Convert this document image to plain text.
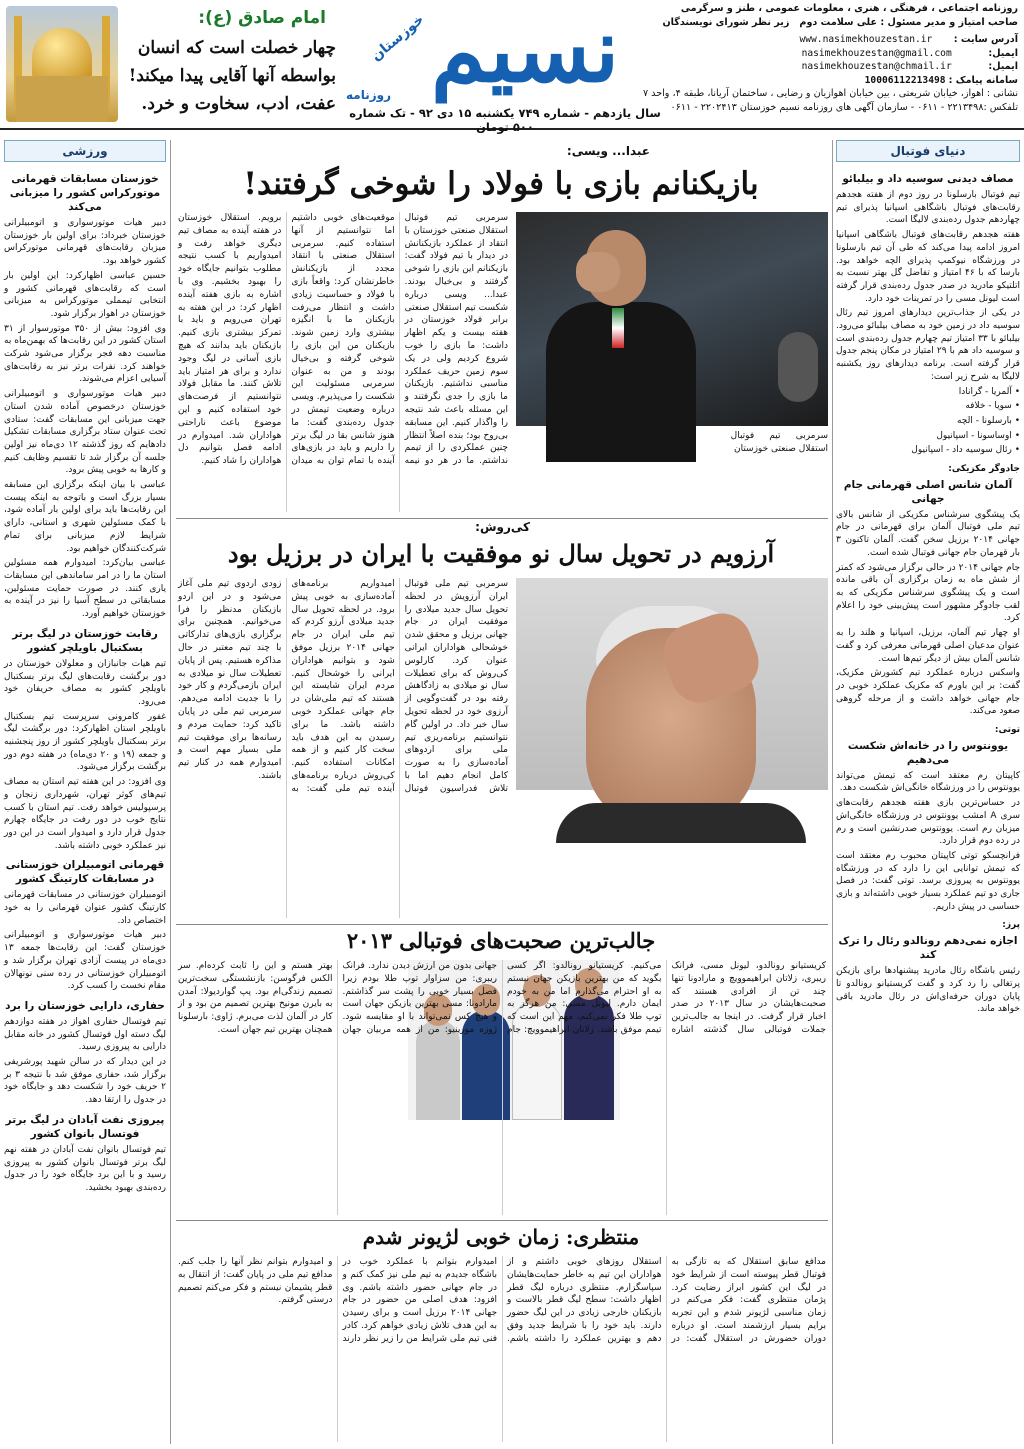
امام صادق (ع):
چهار خصلت است که انسان
بواسطه آنها آقایی پیدا میکند!
عفت، ادب، سخاوت و خرد.
نسیم
خوزستان
روزنامه
سال یازدهم - شماره ۷۴۹ یکشنبه ۱۵ دی ۹۲ - تک شماره ۵۰۰ تومان
روزنامه اجتماعی ، فرهنگی ، هنری ، معلومات عمومی ، طنز و سرگرمی
صاحب امتیاز و مدیر مسئول : علی سلامت دوم   زیر نظر شورای نویسندگان
آدرس سایت :       www.nasimekhouzestan.ir
ایمیل:            nasimekhouzestan@gmail.com
ایمیل:            nasimekhouzestan@chmail.ir
سامانه پیامک : 10006112213498
نشانی : اهواز، خیابان شریعتی ، بین خیابان اهوازیان و رضایی ، ساختمان آریانا، طبقه ۴، واحد ۷
تلفکس :۲۲۱۳۴۹۸ - ۰۶۱۱ - سازمان آگهی های روزنامه نسیم خوزستان ۲۲۰۲۴۱۳ - ۰۶۱۱
ورزشی	دنیای فوتبال
خوزستان مسابقات قهرمانی موتورکراس کشور را میزبانی می‌کند

دبیر هیات موتورسواری و اتومبیلرانی خوزستان خبرداد: برای اولین بار خوزستان میزبان رقابت‌های قهرمانی موتورکراس کشور خواهد بود.

حسین عباسی اظهارکرد: این اولین بار است که رقابت‌های قهرمانی کشور و انتخابی تیمملی موتورکراس به میزبانی خوزستان در اهواز برگزار شود.

وی افزود: بیش از ۳۵۰ موتورسوار از ۳۱ استان کشور در این رقابت‌ها که بهمن‌ماه به مناسبت دهه فجر برگزار می‌شود شرکت خواهند کرد. نفرات برتر نیز به رقابت‌های آسیایی اعزام می‌شوند.

دبیر هیات موتورسواری و اتومبیلرانی خوزستان درخصوص آماده شدن استان جهت میزبانی این مسابقات گفت: ستادی تحت عنوان ستاد برگزاری مسابقات تشکیل دادهایم که روز گذشته ۱۲ دی‌ماه نیز اولین جلسه آن برگزار شد تا تقسیم وظایف کنیم و کارها به خوبی پیش برود.

عباسی با بیان اینکه برگزاری این مسابقه بسیار بزرگ است و باتوجه به اینکه پیست این رقابت‌ها باید برای اولین بار آماده شود، با کمک مسئولین شهری و استانی، دارای شرایط لازم میزبانی برای تمام شرکت‌کنندگان خواهیم بود.

عباسی بیان‌کرد: امیدوارم همه مسئولین استان ما را در امر ساماندهی این مسابقات یاری کنند. در صورت حمایت مسئولین، مسابقاتی در سطح آسیا را نیز در آینده به خوزستان خواهیم آورد.

رقابت خوزستان در لیگ برتر بسکتبال باویلچر کشور

تیم هیات جانبازان و معلولان خوزستان در دور برگشت رقابت‌های لیگ برتر بسکتبال باویلچر کشور به مصاف حریفان خود می‌رود.

غفور کامرونی سرپرست تیم بسکتبال باویلچر استان اظهارکرد: دور برگشت لیگ برتر بسکتبال باویلچر کشور از روز پنجشنبه و جمعه (۱۹ و ۲۰ دی‌ماه) در هفته دوم دور برگشت برگزار می‌شود.

وی افزود: در این هفته تیم استان به مصاف تیم‌های کوثر تهران، شهرداری زنجان و پرسپولیس خواهد رفت. تیم استان با کسب نتایج خوب در دور رفت در جایگاه چهارم جدول قرار دارد و امیدوار است در این دور نیز عملکرد خوبی داشته باشد.

قهرمانی اتومبیلران خوزستانی در مسابقات کارتینگ کشور

اتومبیلران خوزستانی در مسابقات قهرمانی کارتینگ کشور عنوان قهرمانی را به خود اختصاص داد.

دبیر هیات موتورسواری و اتومبیلرانی خوزستان گفت: این رقابت‌ها جمعه ۱۳ دی‌ماه در پیست آزادی تهران برگزار شد و اتومبیلران خوزستانی در رده سنی نونهالان مقام نخست را کسب کرد.

حفاری، دارایی خوزستان را برد

تیم فوتسال حفاری اهواز در هفته دوازدهم لیگ دسته اول فوتسال کشور در خانه مقابل دارایی به پیروزی رسید.

در این دیدار که در سالن شهید پورشریفی برگزار شد، حفاری موفق شد با نتیجه ۳ بر ۲ حریف خود را شکست دهد و جایگاه خود در جدول را ارتقا دهد.

پیروزی نفت آبادان در لیگ برتر فوتسال بانوان کشور

تیم فوتسال بانوان نفت آبادان در هفته نهم لیگ برتر فوتسال بانوان کشور به پیروزی رسید و با این برد جایگاه خود را در جدول رده‌بندی بهبود بخشید.

مصاف دیدنی سوسیه داد و بیلبائو

تیم فوتبال بارسلونا در روز دوم از هفته هجدهم رقابت‌های فوتبال باشگاهی اسپانیا پذیرای تیم چهاردهم جدول رده‌بندی لالیگا است.

هفته هجدهم رقابت‌های فوتبال باشگاهی اسپانیا امروز ادامه پیدا می‌کند که طی آن تیم بارسلونا در ورزشگاه نیوکمپ پذیرای الچه خواهد بود. بارسا که با ۴۶ امتیاز و تفاضل گل بهتر نسبت به اتلتیکو مادرید در صدر جدول رده‌بندی قرار گرفته است لیونل مسی را در تمرینات خود دارد.

در یکی از جذاب‌ترین دیدارهای امروز تیم رئال سوسیه داد در زمین خود به مصاف بیلبائو می‌رود. بیلبائو با ۳۳ امتیاز تیم چهارم جدول رده‌بندی است و سوسیه داد هم با ۲۹ امتیاز در مکان پنجم جدول قرار گرفته است. برنامه دیدارهای روز یکشنبه لالیگا به شرح زیر است:

• آلمریا - گرانادا

• سویا - خلافه

• بارسلونا - الچه

• اوساسونا - اسپانیول

• رئال سوسیه داد - اسپانیول

جادوگر مکزیکی:

آلمان شانس اصلی قهرمانی جام جهانی

یک پیشگوی سرشناس مکزیکی از شانس بالای تیم ملی فوتبال آلمان برای قهرمانی در جام جهانی ۲۰۱۴ برزیل سخن گفت. آلمان تاکنون ۳ بار قهرمان جام جهانی فوتبال شده است.

جام جهانی ۲۰۱۴ در حالی برگزار می‌شود که کمتر از شش ماه به زمان برگزاری آن باقی مانده است و یک پیشگوی سرشناس مکزیکی که به لقب جادوگر مشهور است پیش‌بینی خود را اعلام کرد.

او چهار تیم آلمان، برزیل، اسپانیا و هلند را به عنوان مدعیان اصلی قهرمانی معرفی کرد و گفت شانس آلمان بیش از دیگر تیم‌ها است.

واسکس درباره عملکرد تیم کشورش مکزیک، گفت: بر این باورم که مکزیک عملکرد خوبی در جام جهانی خواهد داشت و از مرحله گروهی صعود می‌کند.

توتی:

یوونتوس را در خانه‌اش شکست می‌دهیم

کاپیتان رم معتقد است که تیمش می‌تواند یوونتوس را در ورزشگاه خانگی‌اش شکست دهد.

در حساس‌ترین بازی هفته هجدهم رقابت‌های سری A امشب یوونتوس در ورزشگاه خانگی‌اش میزبان رم است. یوونتوس صدرنشین است و رم در رده دوم قرار دارد.

فرانچسکو توتی کاپیتان محبوب رم معتقد است که تیمش توانایی این را دارد که در ورزشگاه یوونتوس به پیروزی برسد. توتی گفت: در فصل جاری دو تیم عملکرد بسیار خوبی داشته‌اند و بازی حساسی در پیش داریم.

پرز:

اجازه نمی‌دهم رونالدو رئال را ترک کند

رئیس باشگاه رئال مادرید پیشنهادها برای بازیکن پرتغالی را رد کرد و گفت کریستیانو رونالدو تا پایان دوران حرفه‌ای‌اش در رئال مادرید باقی خواهد ماند.

عبدا... ویسی:
بازیکنانم بازی با فولاد را شوخی گرفتند!
سرمربی تیم فوتبال استقلال صنعتی خوزستان با انتقاد از عملکرد بازیکنانش در دیدار با تیم فولاد گفت: بازیکنانم این بازی را شوخی گرفتند و بی‌خیال بودند. عبدا... ویسی درباره شکست تیم استقلال صنعتی برابر فولاد خوزستان در هفته بیست و یکم اظهار داشت: ما بازی را خوب شروع کردیم ولی در یک سوم زمین حریف عملکرد مناسبی نداشتیم. بازیکنان ما بازی را جدی نگرفتند و این مسئله باعث شد نتیجه را واگذار کنیم. این مسابقه بی‌روح بود؛ بنده اصلاً انتظار چنین عملکردی را از تیمم نداشتم. ما در هر دو نیمه موقعیت‌های خوبی داشتیم اما نتوانستیم از آنها استفاده کنیم. سرمربی استقلال صنعتی با انتقاد مجدد از بازیکنانش خاطرنشان کرد: واقعاً بازی با فولاد و حساسیت زیادی داشت و انتظار می‌رفت بازیکنان ما با انگیزه بیشتری وارد زمین شوند. بازیکنان من این بازی را شوخی گرفته و بی‌خیال بودند و من به عنوان سرمربی مسئولیت این شکست را می‌پذیرم. ویسی درباره وضعیت تیمش در جدول رده‌بندی گفت: ما هنوز شانس بقا در لیگ برتر را داریم و باید در بازی‌های آینده با تمام توان به میدان برویم. استقلال خوزستان در هفته آینده به مصاف تیم دیگری خواهد رفت و امیدواریم با کسب نتیجه مطلوب بتوانیم جایگاه خود را بهبود بخشیم. وی با اشاره به بازی هفته آینده اظهار کرد: در این هفته به تهران می‌رویم و باید با تمرکز بیشتری بازی کنیم. بازیکنان باید بدانند که هیچ بازی آسانی در لیگ وجود ندارد و برای هر امتیاز باید تلاش کنند. ما مقابل فولاد نتوانستیم از فرصت‌های خود استفاده کنیم و این موضوع باعث ناراحتی هواداران شد. امیدوارم در ادامه فصل بتوانیم دل هواداران را شاد کنیم.
سرمربی تیم فوتبال استقلال صنعتی خوزستان
کی‌روش:
آرزویم در تحویل سال نو موفقیت با ایران در برزیل بود
سرمربی تیم ملی فوتبال ایران آرزویش در لحظه تحویل سال جدید میلادی را موفقیت ایران در جام جهانی برزیل و محقق شدن خوشحالی هواداران ایرانی عنوان کرد. کارلوس کی‌روش که برای تعطیلات سال نو میلادی به زادگاهش رفته بود در گفت‌وگویی از آرزوی خود در لحظه تحویل سال خبر داد. در اولین گام نتوانستیم برنامه‌ریزی تیم ملی برای اردوهای آماده‌سازی را به صورت کامل انجام دهیم اما با تلاش فدراسیون فوتبال امیدواریم برنامه‌های آماده‌سازی به خوبی پیش برود. در لحظه تحویل سال جدید میلادی آرزو کردم که تیم ملی ایران در جام جهانی ۲۰۱۴ برزیل موفق شود و بتوانیم هواداران ایرانی را خوشحال کنیم. مردم ایران شایسته این هستند که تیم ملی‌شان در جام جهانی عملکرد خوبی داشته باشد. ما برای رسیدن به این هدف باید سخت کار کنیم و از همه امکانات استفاده کنیم. کی‌روش درباره برنامه‌های آینده تیم ملی گفت: به زودی اردوی تیم ملی آغاز می‌شود و در این اردو بازیکنان مدنظر را فرا می‌خوانیم. همچنین برای برگزاری بازی‌های تدارکاتی با چند تیم معتبر در حال مذاکره هستیم. پس از پایان تعطیلات سال نو میلادی به ایران بازمی‌گردم و کار خود را با جدیت ادامه می‌دهم. سرمربی تیم ملی در پایان تاکید کرد: حمایت مردم و رسانه‌ها برای موفقیت تیم ملی بسیار مهم است و امیدوارم همه در کنار تیم باشند.
جالب‌ترین صحبت‌های فوتبالی ۲۰۱۳
کریستیانو رونالدو، لیونل مسی، فرانک ریبری، زلاتان ابراهیموویچ و مارادونا تنها چند تن از افرادی هستند که صحبت‌هایشان در سال ۲۰۱۳ در صدر اخبار قرار گرفت. در اینجا به جالب‌ترین جملات فوتبالی سال گذشته اشاره می‌کنیم. کریستیانو رونالدو: اگر کسی بگوید که من بهترین بازیکن جهان نیستم به او احترام می‌گذارم اما من به خودم ایمان دارم. لیونل مسی: من هرگز به توپ طلا فکر نمی‌کنم، مهم این است که تیمم موفق باشد. زلاتان ابراهیموویچ: جام جهانی بدون من ارزش دیدن ندارد. فرانک ریبری: من سزاوار توپ طلا بودم زیرا فصل بسیار خوبی را پشت سر گذاشتم. مارادونا: مسی بهترین بازیکن جهان است و هیچ کس نمی‌تواند با او مقایسه شود. ژوزه مورینیو: من از همه مربیان جهان بهتر هستم و این را ثابت کرده‌ام. سر الکس فرگوسن: بازنشستگی سخت‌ترین تصمیم زندگی‌ام بود. پپ گواردیولا: آمدن به بایرن مونیخ بهترین تصمیم من بود و از کار در آلمان لذت می‌برم. ژاوی: بارسلونا همچنان بهترین تیم جهان است.
منتظری: زمان خوبی لژیونر شدم
مدافع سابق استقلال که به تازگی به فوتبال قطر پیوسته است از شرایط خود در لیگ این کشور ابراز رضایت کرد. پژمان منتظری گفت: فکر می‌کنم در زمان مناسبی لژیونر شدم و این تجربه برایم بسیار ارزشمند است. او درباره دوران حضورش در استقلال گفت: در استقلال روزهای خوبی داشتم و از هواداران این تیم به خاطر حمایت‌هایشان سپاسگزارم. منتظری درباره لیگ قطر اظهار داشت: سطح لیگ قطر بالاست و بازیکنان خارجی زیادی در این لیگ حضور دارند. باید خود را با شرایط جدید وفق دهم و بهترین عملکرد را داشته باشم. امیدوارم بتوانم با عملکرد خوب در باشگاه جدیدم به تیم ملی نیز کمک کنم و در جام جهانی حضور داشته باشم. وی افزود: هدف اصلی من حضور در جام جهانی ۲۰۱۴ برزیل است و برای رسیدن به این هدف تلاش زیادی خواهم کرد. کادر فنی تیم ملی شرایط من را زیر نظر دارند و امیدوارم بتوانم نظر آنها را جلب کنم. مدافع تیم ملی در پایان گفت: از انتقال به قطر پشیمان نیستم و فکر می‌کنم تصمیم درستی گرفتم.
